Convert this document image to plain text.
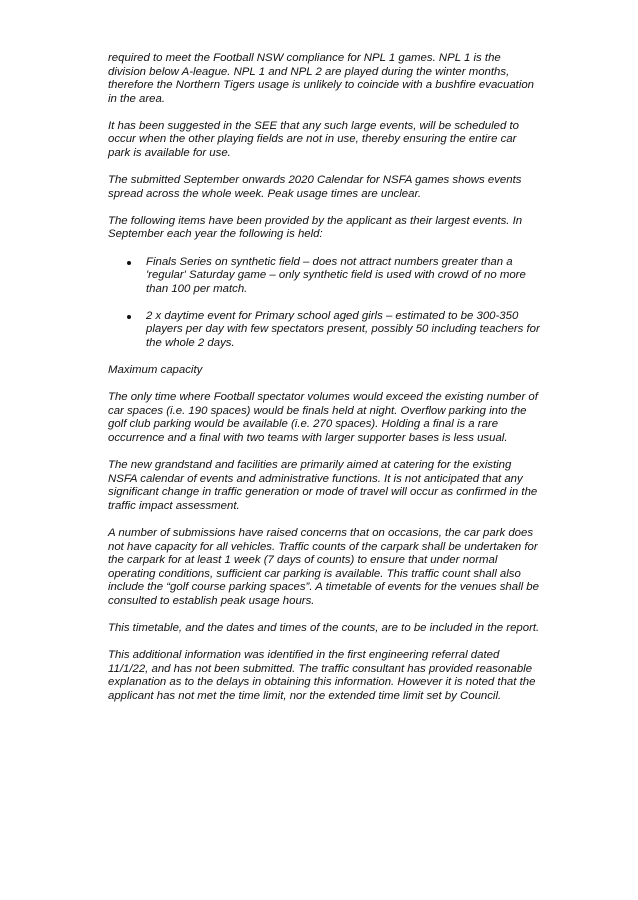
required to meet the Football NSW compliance for NPL 1 games. NPL 1 is the division below A-league. NPL 1 and NPL 2 are played during the winter months, therefore the Northern Tigers usage is unlikely to coincide with a bushfire evacuation in the area.

It has been suggested in the SEE that any such large events, will be scheduled to occur when the other playing fields are not in use, thereby ensuring the entire car park is available for use.

The submitted September onwards 2020 Calendar for NSFA games shows events spread across the whole week. Peak usage times are unclear.

The following items have been provided by the applicant as their largest events. In September each year the following is held:

Finals Series on synthetic field – does not attract numbers greater than a 'regular' Saturday game – only synthetic field is used with crowd of no more than 100 per match.
2 x daytime event for Primary school aged girls – estimated to be 300-350 players per day with few spectators present, possibly 50 including teachers for the whole 2 days.

Maximum capacity

The only time where Football spectator volumes would exceed the existing number of car spaces (i.e. 190 spaces) would be finals held at night. Overflow parking into the golf club parking would be available (i.e. 270 spaces). Holding a final is a rare occurrence and a final with two teams with larger supporter bases is less usual.

The new grandstand and facilities are primarily aimed at catering for the existing NSFA calendar of events and administrative functions. It is not anticipated that any significant change in traffic generation or mode of travel will occur as confirmed in the traffic impact assessment.

A number of submissions have raised concerns that on occasions, the car park does not have capacity for all vehicles. Traffic counts of the carpark shall be undertaken for the carpark for at least 1 week (7 days of counts) to ensure that under normal operating conditions, sufficient car parking is available. This traffic count shall also include the “golf course parking spaces”. A timetable of events for the venues shall be consulted to establish peak usage hours.

This timetable, and the dates and times of the counts, are to be included in the report.

This additional information was identified in the first engineering referral dated 11/1/22, and has not been submitted. The traffic consultant has provided reasonable explanation as to the delays in obtaining this information. However it is noted that the applicant has not met the time limit, nor the extended time limit set by Council.
